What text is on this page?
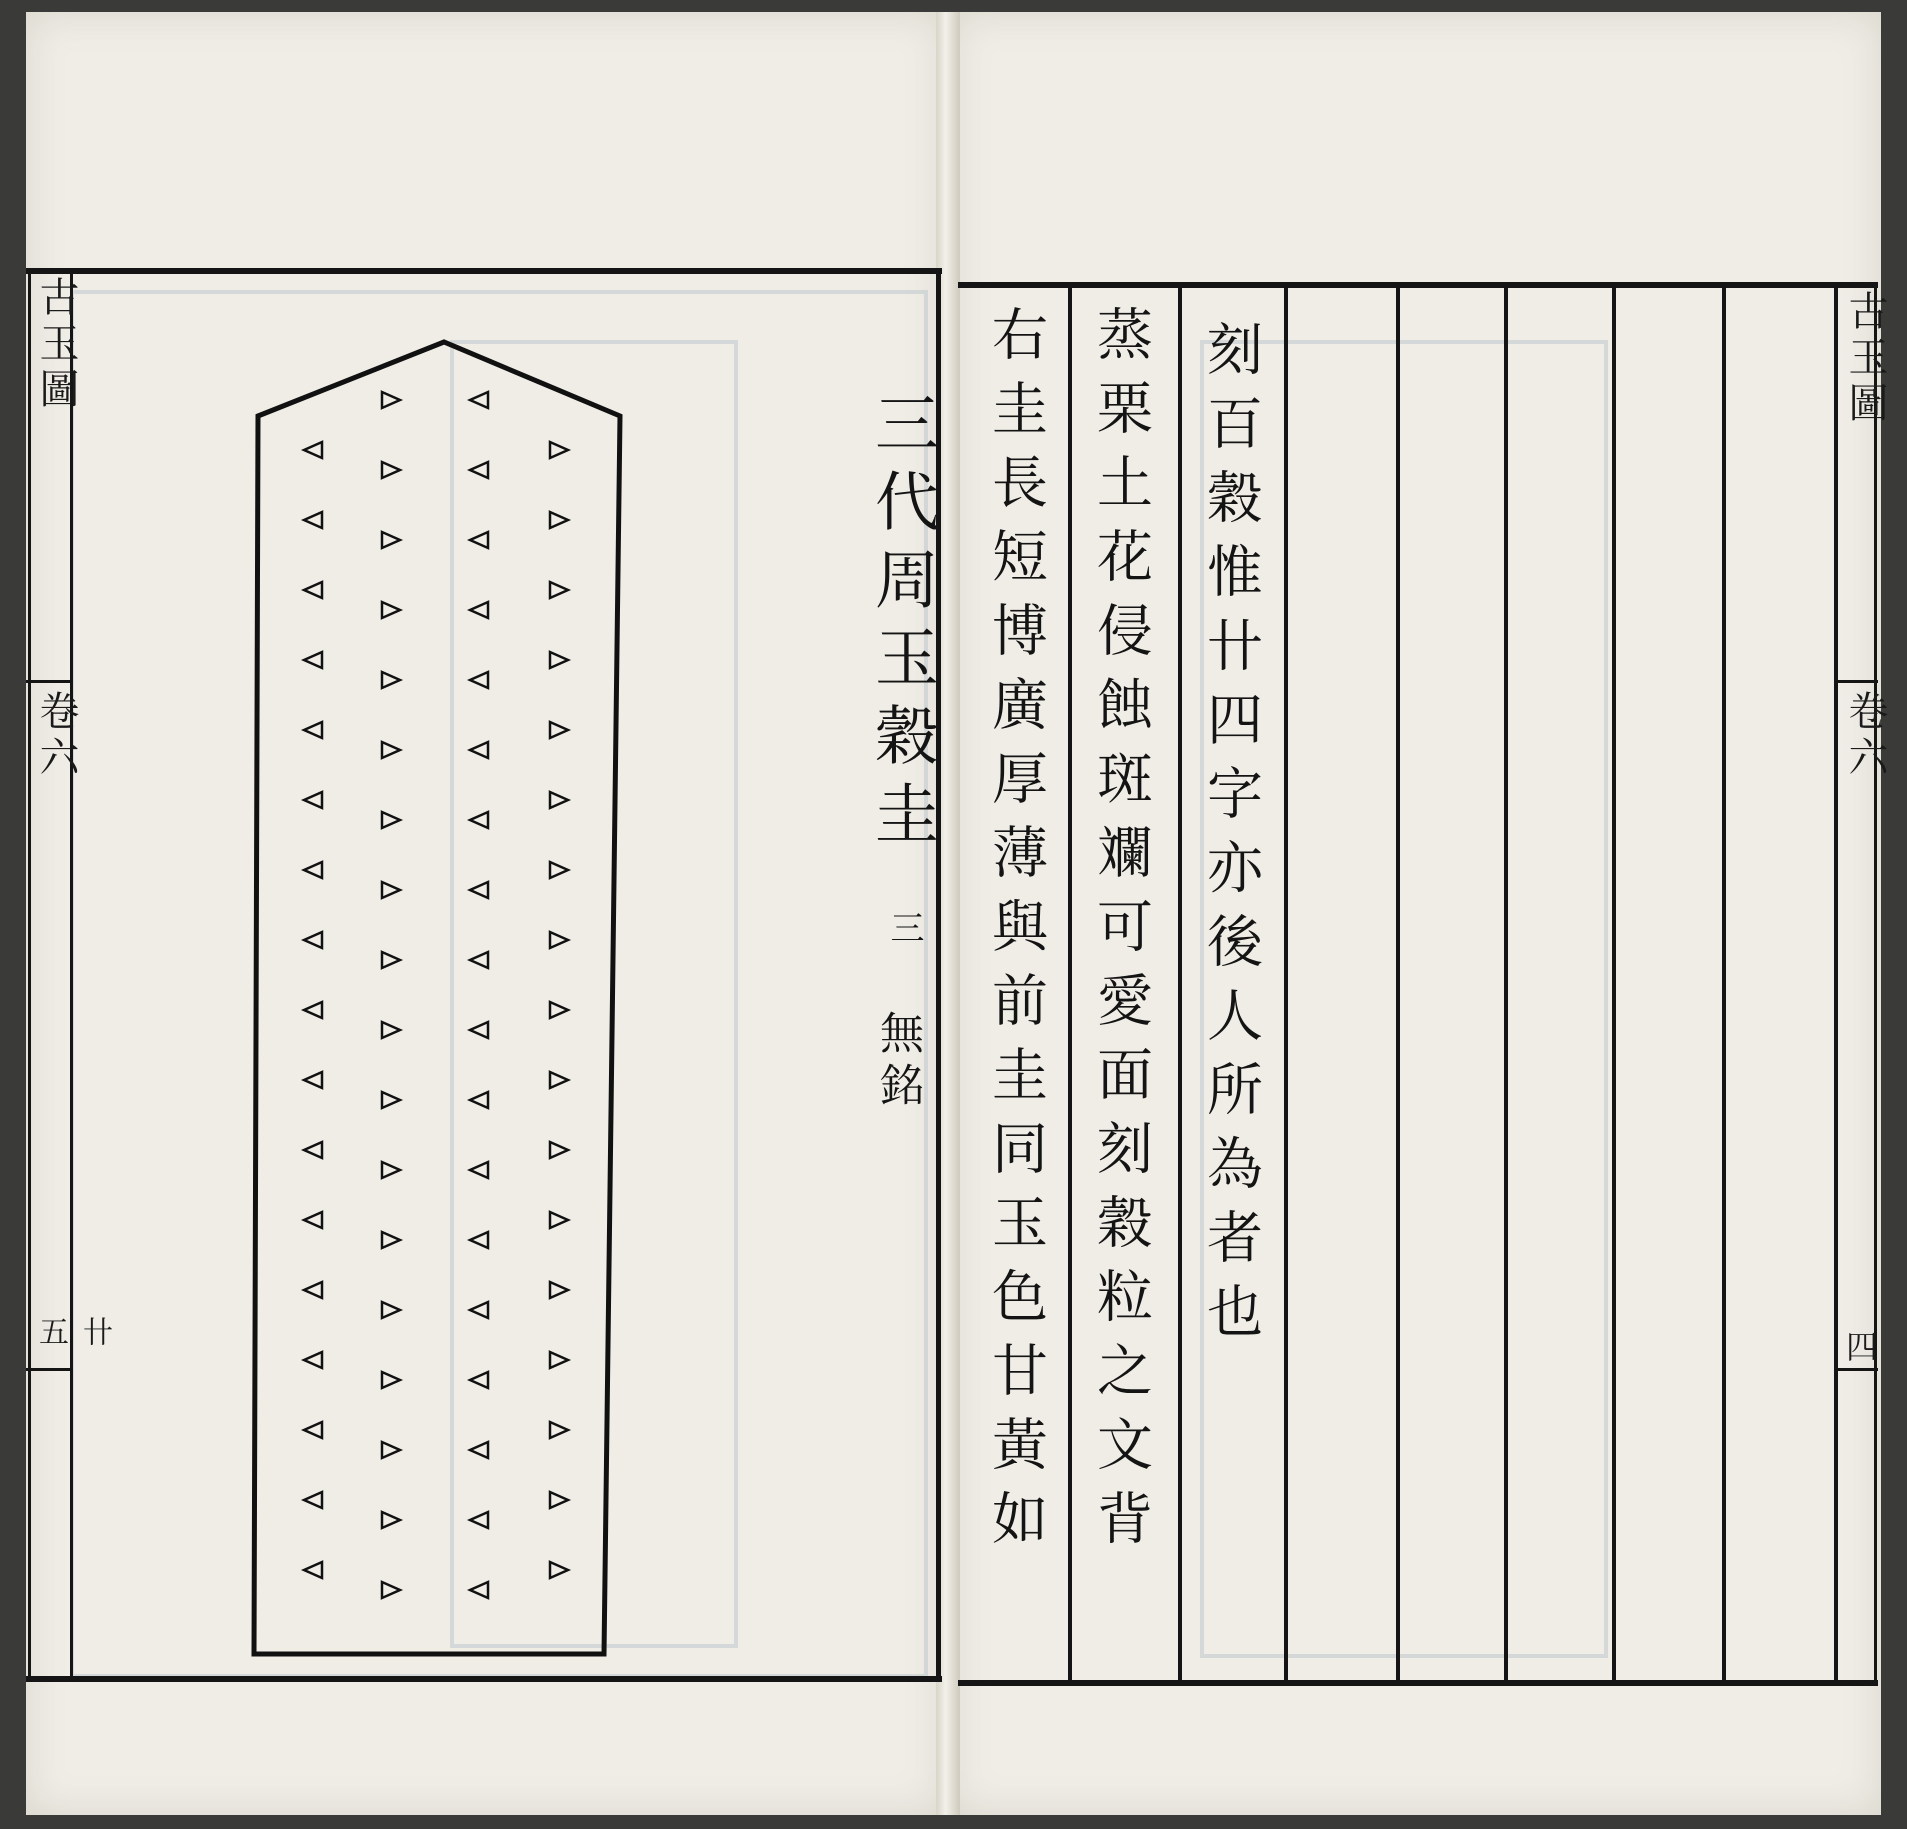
古玉圖
卷六
卄五
三代周玉穀圭
三
無銘	刻百穀惟卄四字亦後人所為者也
蒸栗土花侵蝕斑斕可愛面刻穀粒之文背
右圭長短博廣厚薄與前圭同玉色甘黃如	古玉圖
卷六
四
